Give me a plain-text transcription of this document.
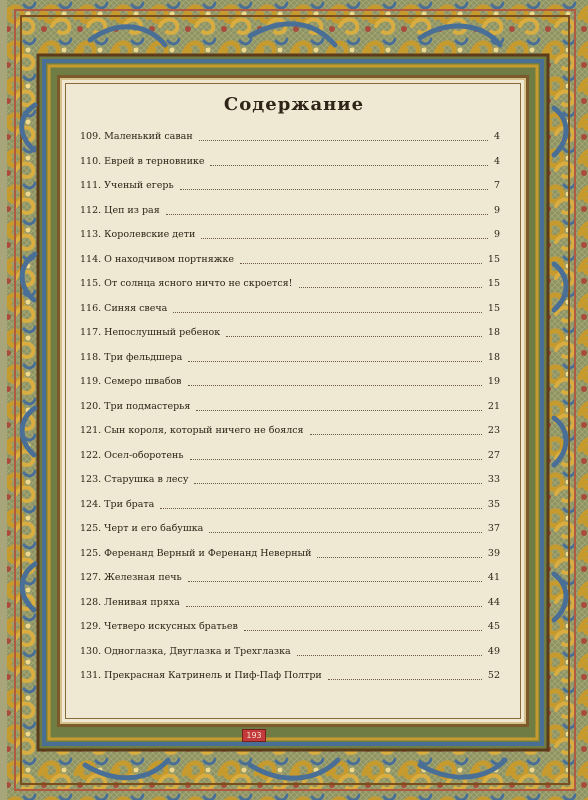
Содержание
109. Маленький саван	4
110. Еврей в терновнике	4
111. Ученый егерь	7
112. Цеп из рая	9
113. Королевские дети	9
114. О находчивом портняжке	15
115. От солнца ясного ничто не скроется!	15
116. Синяя свеча	15
117. Непослушный ребенок	18
118. Три фельдшера	18
119. Семеро швабов	19
120. Три подмастерья	21
121. Сын короля, который ничего не боялся	23
122. Осел-оборотень	27
123. Старушка в лесу	33
124. Три брата	35
125. Черт и его бабушка	37
125. Ференанд Верный и Ференанд Неверный	39
127. Железная печь	41
128. Ленивая пряха	44
129. Четверо искусных братьев	45
130. Одноглазка, Двуглазка и Трехглазка	49
131. Прекрасная Катринель и Пиф-Паф Полтри	52
193
